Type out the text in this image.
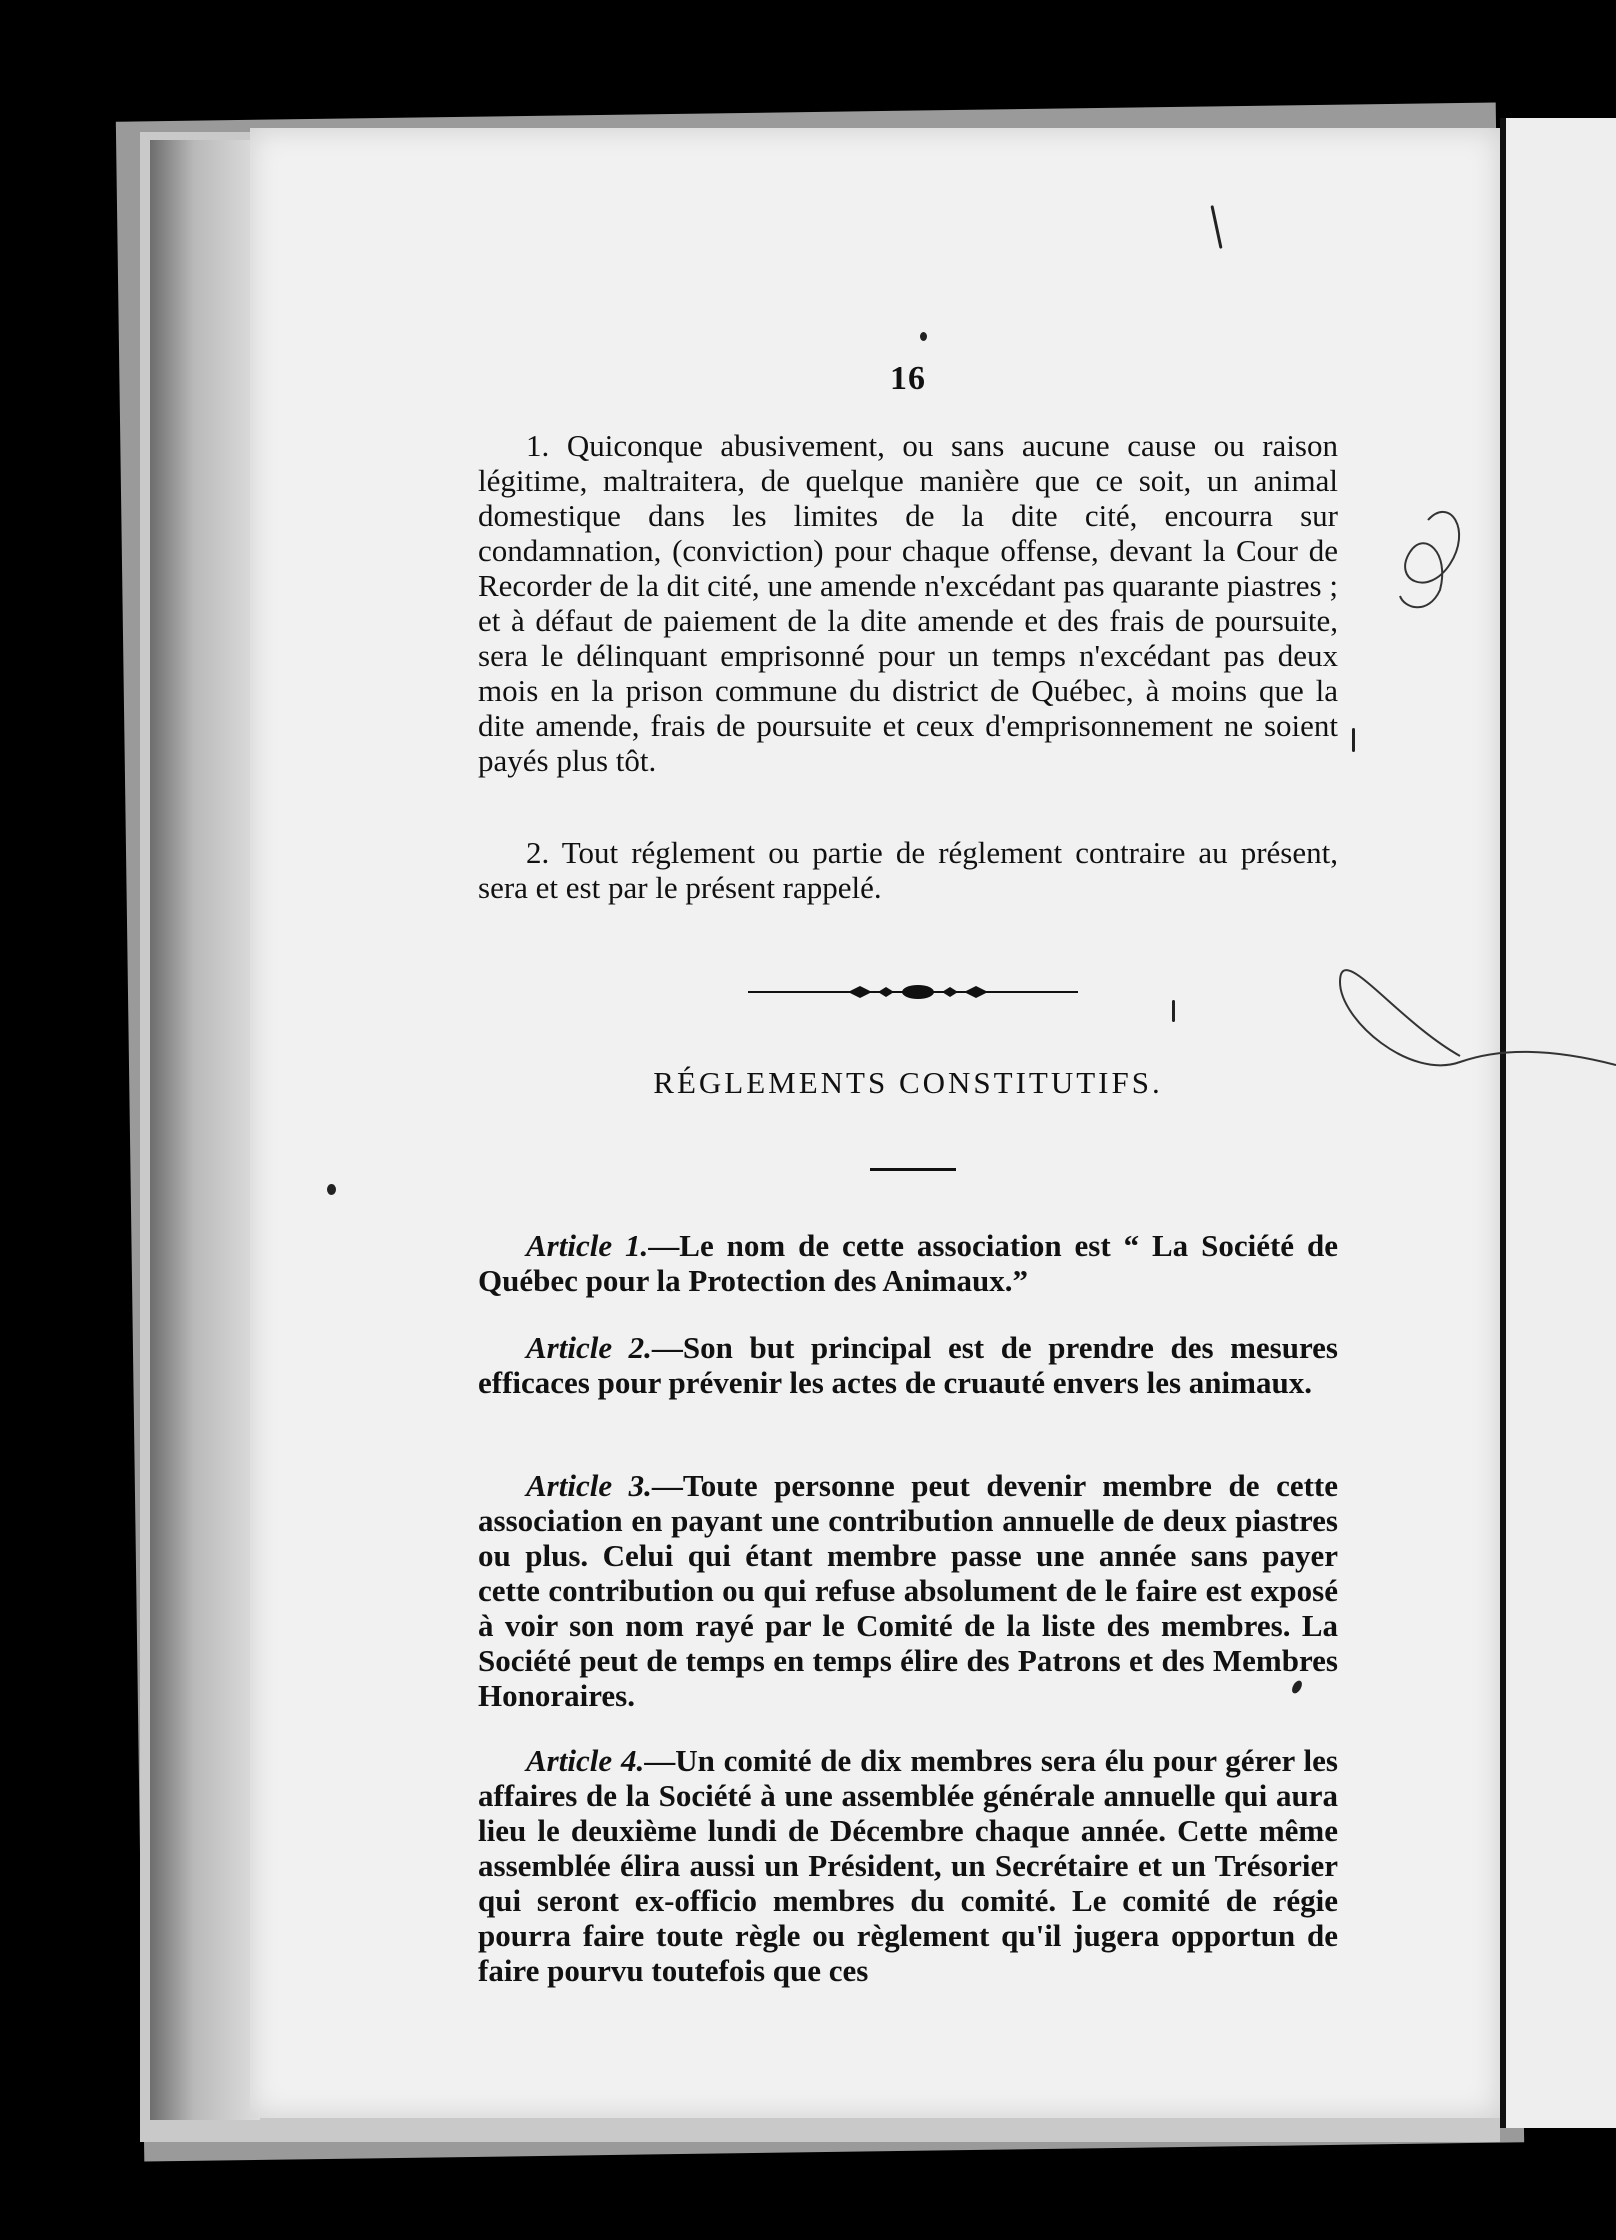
16

1. Quiconque abusivement, ou sans aucune cause ou raison légitime, maltraitera, de quelque manière que ce soit, un animal domestique dans les limites de la dite cité, encourra sur condamnation, (conviction) pour chaque offense, devant la Cour de Recorder de la dit cité, une amende n'excédant pas quarante piastres ; et à défaut de paiement de la dite amende et des frais de poursuite, sera le délinquant emprisonné pour un temps n'excédant pas deux mois en la prison commune du district de Québec, à moins que la dite amende, frais de poursuite et ceux d'emprisonnement ne soient payés plus tôt.

2. Tout réglement ou partie de réglement contraire au présent, sera et est par le présent rappelé.

RÉGLEMENTS CONSTITUTIFS.

Article 1.—Le nom de cette association est “ La Société de Québec pour la Protection des Animaux.”

Article 2.—Son but principal est de prendre des mesures efficaces pour prévenir les actes de cruauté envers les animaux.

Article 3.—Toute personne peut devenir membre de cette association en payant une contribution annuelle de deux piastres ou plus. Celui qui étant membre passe une année sans payer cette contribution ou qui refuse absolument de le faire est exposé à voir son nom rayé par le Comité de la liste des membres. La Société peut de temps en temps élire des Patrons et des Membres Honoraires.

Article 4.—Un comité de dix membres sera élu pour gérer les affaires de la Société à une assemblée générale annuelle qui aura lieu le deuxième lundi de Décembre chaque année. Cette même assemblée élira aussi un Président, un Secrétaire et un Trésorier qui seront ex-officio membres du comité. Le comité de régie pourra faire toute règle ou règlement qu'il jugera opportun de faire pourvu toutefois que ces
